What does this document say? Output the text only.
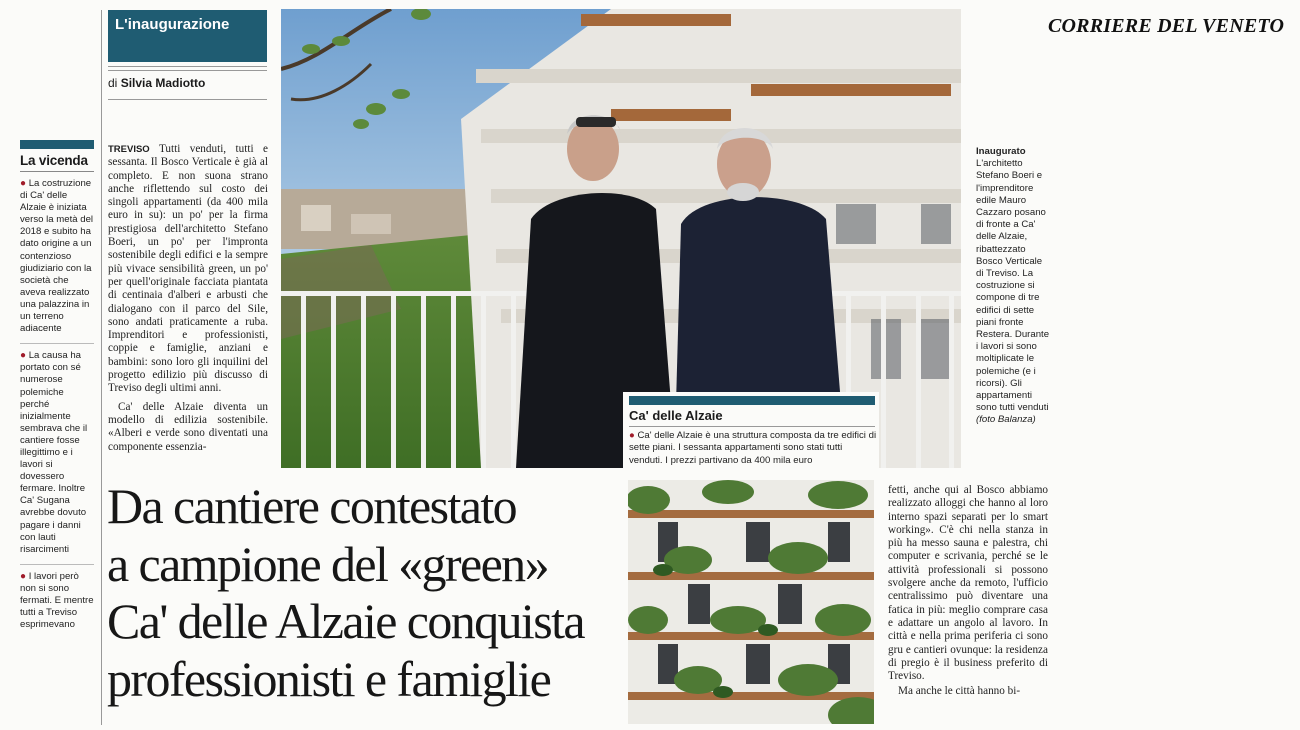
CORRIERE DEL VENETO
La vicenda
● La costruzione di Ca' delle Alzaie è iniziata verso la metà del 2018 e subito ha dato origine a un contenzioso giudiziario con la società che aveva realizzato una palazzina in un terreno adiacente
● La causa ha portato con sé numerose polemiche perché inizialmente sembrava che il cantiere fosse illegittimo e i lavori si dovessero fermare. Inoltre Ca' Sugana avrebbe dovuto pagare i danni con lauti risarcimenti
● I lavori però non si sono fermati. E mentre tutti a Treviso esprimevano
L'inaugurazione
di Silvia Madiotto

TREVISO Tutti venduti, tutti e sessanta. Il Bosco Verticale è già al completo. E non suona strano anche riflettendo sul costo dei singoli appartamenti (da 400 mila euro in su): un po' per la firma prestigiosa dell'architetto Stefano Boeri, un po' per l'impronta sostenibile degli edifici e la sempre più vivace sensibilità green, un po' per quell'originale facciata piantata di centinaia d'alberi e arbusti che dialogano con il parco del Sile, sono andati praticamente a ruba. Imprenditori e professionisti, coppie e famiglie, anziani e bambini: sono loro gli inquilini del progetto edilizio più discusso di Treviso degli ultimi anni.

Ca' delle Alzaie diventa un modello di edilizia sostenibile. «Alberi e verde sono diventati una componente essenzia-

Da cantiere contestato
a campione del «green»
Ca' delle Alzaie conquista
professionisti e famiglie
Ca' delle Alzaie

● Ca' delle Alzaie è una struttura composta da tre edifici di sette piani. I sessanta appartamenti sono stati tutti venduti. I prezzi partivano da 400 mila euro

fetti, anche qui al Bosco abbiamo realizzato alloggi che hanno al loro interno spazi separati per lo smart working». C'è chi nella stanza in più ha messo sauna e palestra, chi computer e scrivania, perché se le attività professionali si possono svolgere anche da remoto, l'ufficio centralissimo può diventare una fatica in più: meglio comprare casa e adattare un angolo al lavoro. In città e nella prima periferia ci sono gru e cantieri ovunque: la residenza di pregio è il business preferito di Treviso.

Ma anche le città hanno bi-

Inaugurato
L'architetto Stefano Boeri e l'imprenditore edile Mauro Cazzaro posano di fronte a Ca' delle Alzaie, ribattezzato Bosco Verticale di Treviso. La costruzione si compone di tre edifici di sette piani fronte Restera. Durante i lavori si sono moltiplicate le polemiche (e i ricorsi). Gli appartamenti sono tutti venduti (foto Balanza)
